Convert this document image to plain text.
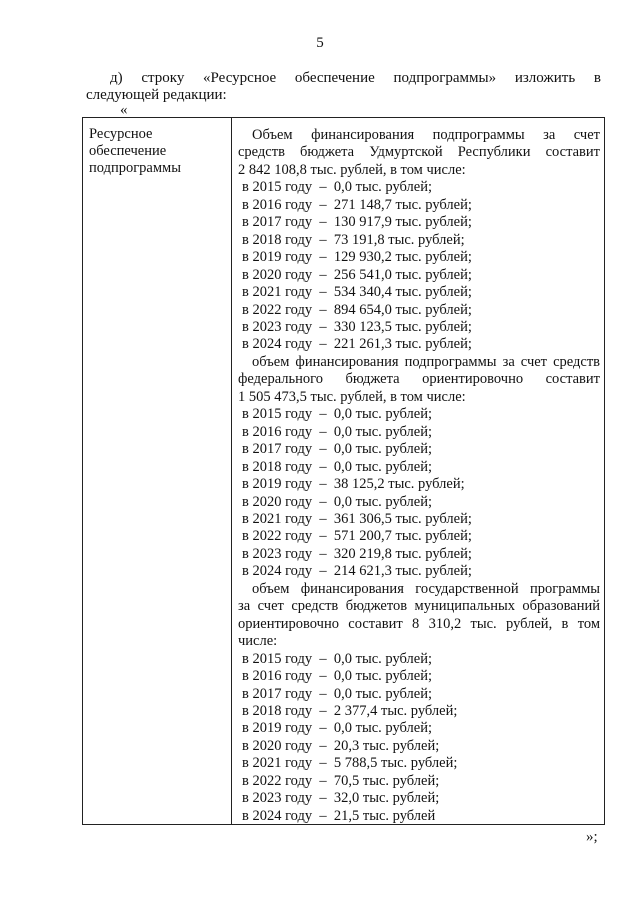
5
д) строку «Ресурсное обеспечение подпрограммы» изложить в
следующей редакции:
«
Ресурсное
обеспечение
подпрограммы
Объем финансирования подпрограммы за счет
средств бюджета Удмуртской Республики составит
2 842 108,8 тыс. рублей, в том числе:
в 2015 году – 0,0 тыс. рублей;
в 2016 году – 271 148,7 тыс. рублей;
в 2017 году – 130 917,9 тыс. рублей;
в 2018 году – 73 191,8 тыс. рублей;
в 2019 году – 129 930,2 тыс. рублей;
в 2020 году – 256 541,0 тыс. рублей;
в 2021 году – 534 340,4 тыс. рублей;
в 2022 году – 894 654,0 тыс. рублей;
в 2023 году – 330 123,5 тыс. рублей;
в 2024 году – 221 261,3 тыс. рублей;
объем финансирования подпрограммы за счет средств
федерального бюджета ориентировочно составит
1 505 473,5 тыс. рублей, в том числе:
в 2015 году – 0,0 тыс. рублей;
в 2016 году – 0,0 тыс. рублей;
в 2017 году – 0,0 тыс. рублей;
в 2018 году – 0,0 тыс. рублей;
в 2019 году – 38 125,2 тыс. рублей;
в 2020 году – 0,0 тыс. рублей;
в 2021 году – 361 306,5 тыс. рублей;
в 2022 году – 571 200,7 тыс. рублей;
в 2023 году – 320 219,8 тыс. рублей;
в 2024 году – 214 621,3 тыс. рублей;
объем финансирования государственной программы
за счет средств бюджетов муниципальных образований
ориентировочно составит 8 310,2 тыс. рублей, в том
числе:
в 2015 году – 0,0 тыс. рублей;
в 2016 году – 0,0 тыс. рублей;
в 2017 году – 0,0 тыс. рублей;
в 2018 году – 2 377,4 тыс. рублей;
в 2019 году – 0,0 тыс. рублей;
в 2020 году – 20,3 тыс. рублей;
в 2021 году – 5 788,5 тыс. рублей;
в 2022 году – 70,5 тыс. рублей;
в 2023 году – 32,0 тыс. рублей;
в 2024 году – 21,5 тыс. рублей
»;
